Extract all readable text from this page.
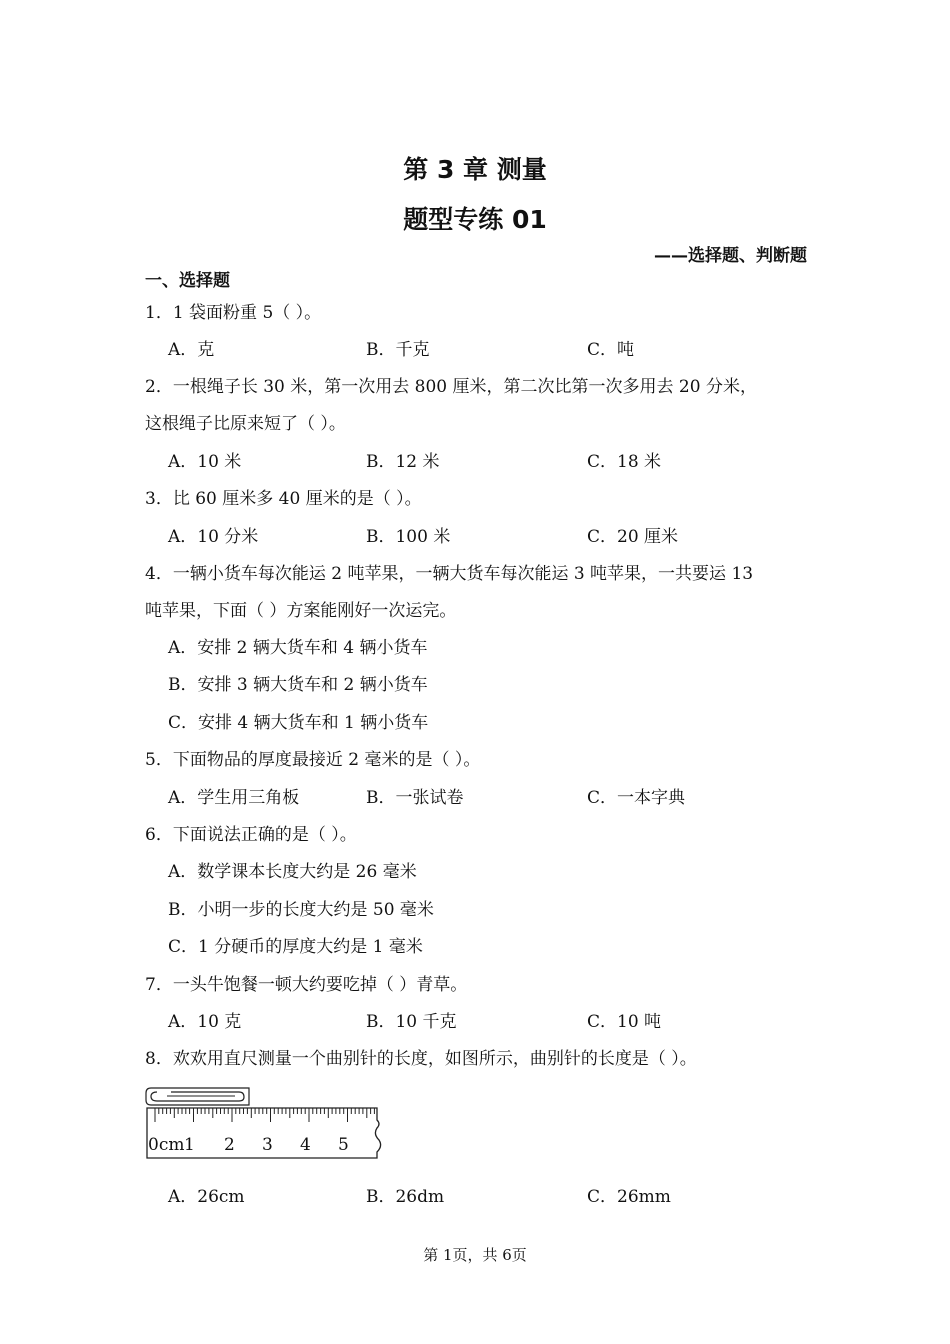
第 3 章 测量
题型专练 01
——选择题、判断题
一、选择题
1．1 袋面粉重 5（ ）。
A．克	B．千克	C．吨
2．一根绳子长 30 米，第一次用去 800 厘米，第二次比第一次多用去 20 分米，
这根绳子比原来短了（ ）。
A．10 米	B．12 米	C．18 米
3．比 60 厘米多 40 厘米的是（ ）。
A．10 分米	B．100 米	C．20 厘米
4．一辆小货车每次能运 2 吨苹果，一辆大货车每次能运 3 吨苹果，一共要运 13
吨苹果，下面（ ）方案能刚好一次运完。
A．安排 2 辆大货车和 4 辆小货车
B．安排 3 辆大货车和 2 辆小货车
C．安排 4 辆大货车和 1 辆小货车
5．下面物品的厚度最接近 2 毫米的是（ ）。
A．学生用三角板	B．一张试卷	C．一本字典
6．下面说法正确的是（ ）。
A．数学课本长度大约是 26 毫米
B．小明一步的长度大约是 50 毫米
C．1 分硬币的厚度大约是 1 毫米
7．一头牛饱餐一顿大约要吃掉（ ）青草。
A．10 克	B．10 千克	C．10 吨
8．欢欢用直尺测量一个曲别针的长度，如图所示，曲别针的长度是（ ）。
0cm 1 2 3 4 5
A．26cm	B．26dm	C．26mm
第 1页，共 6页
